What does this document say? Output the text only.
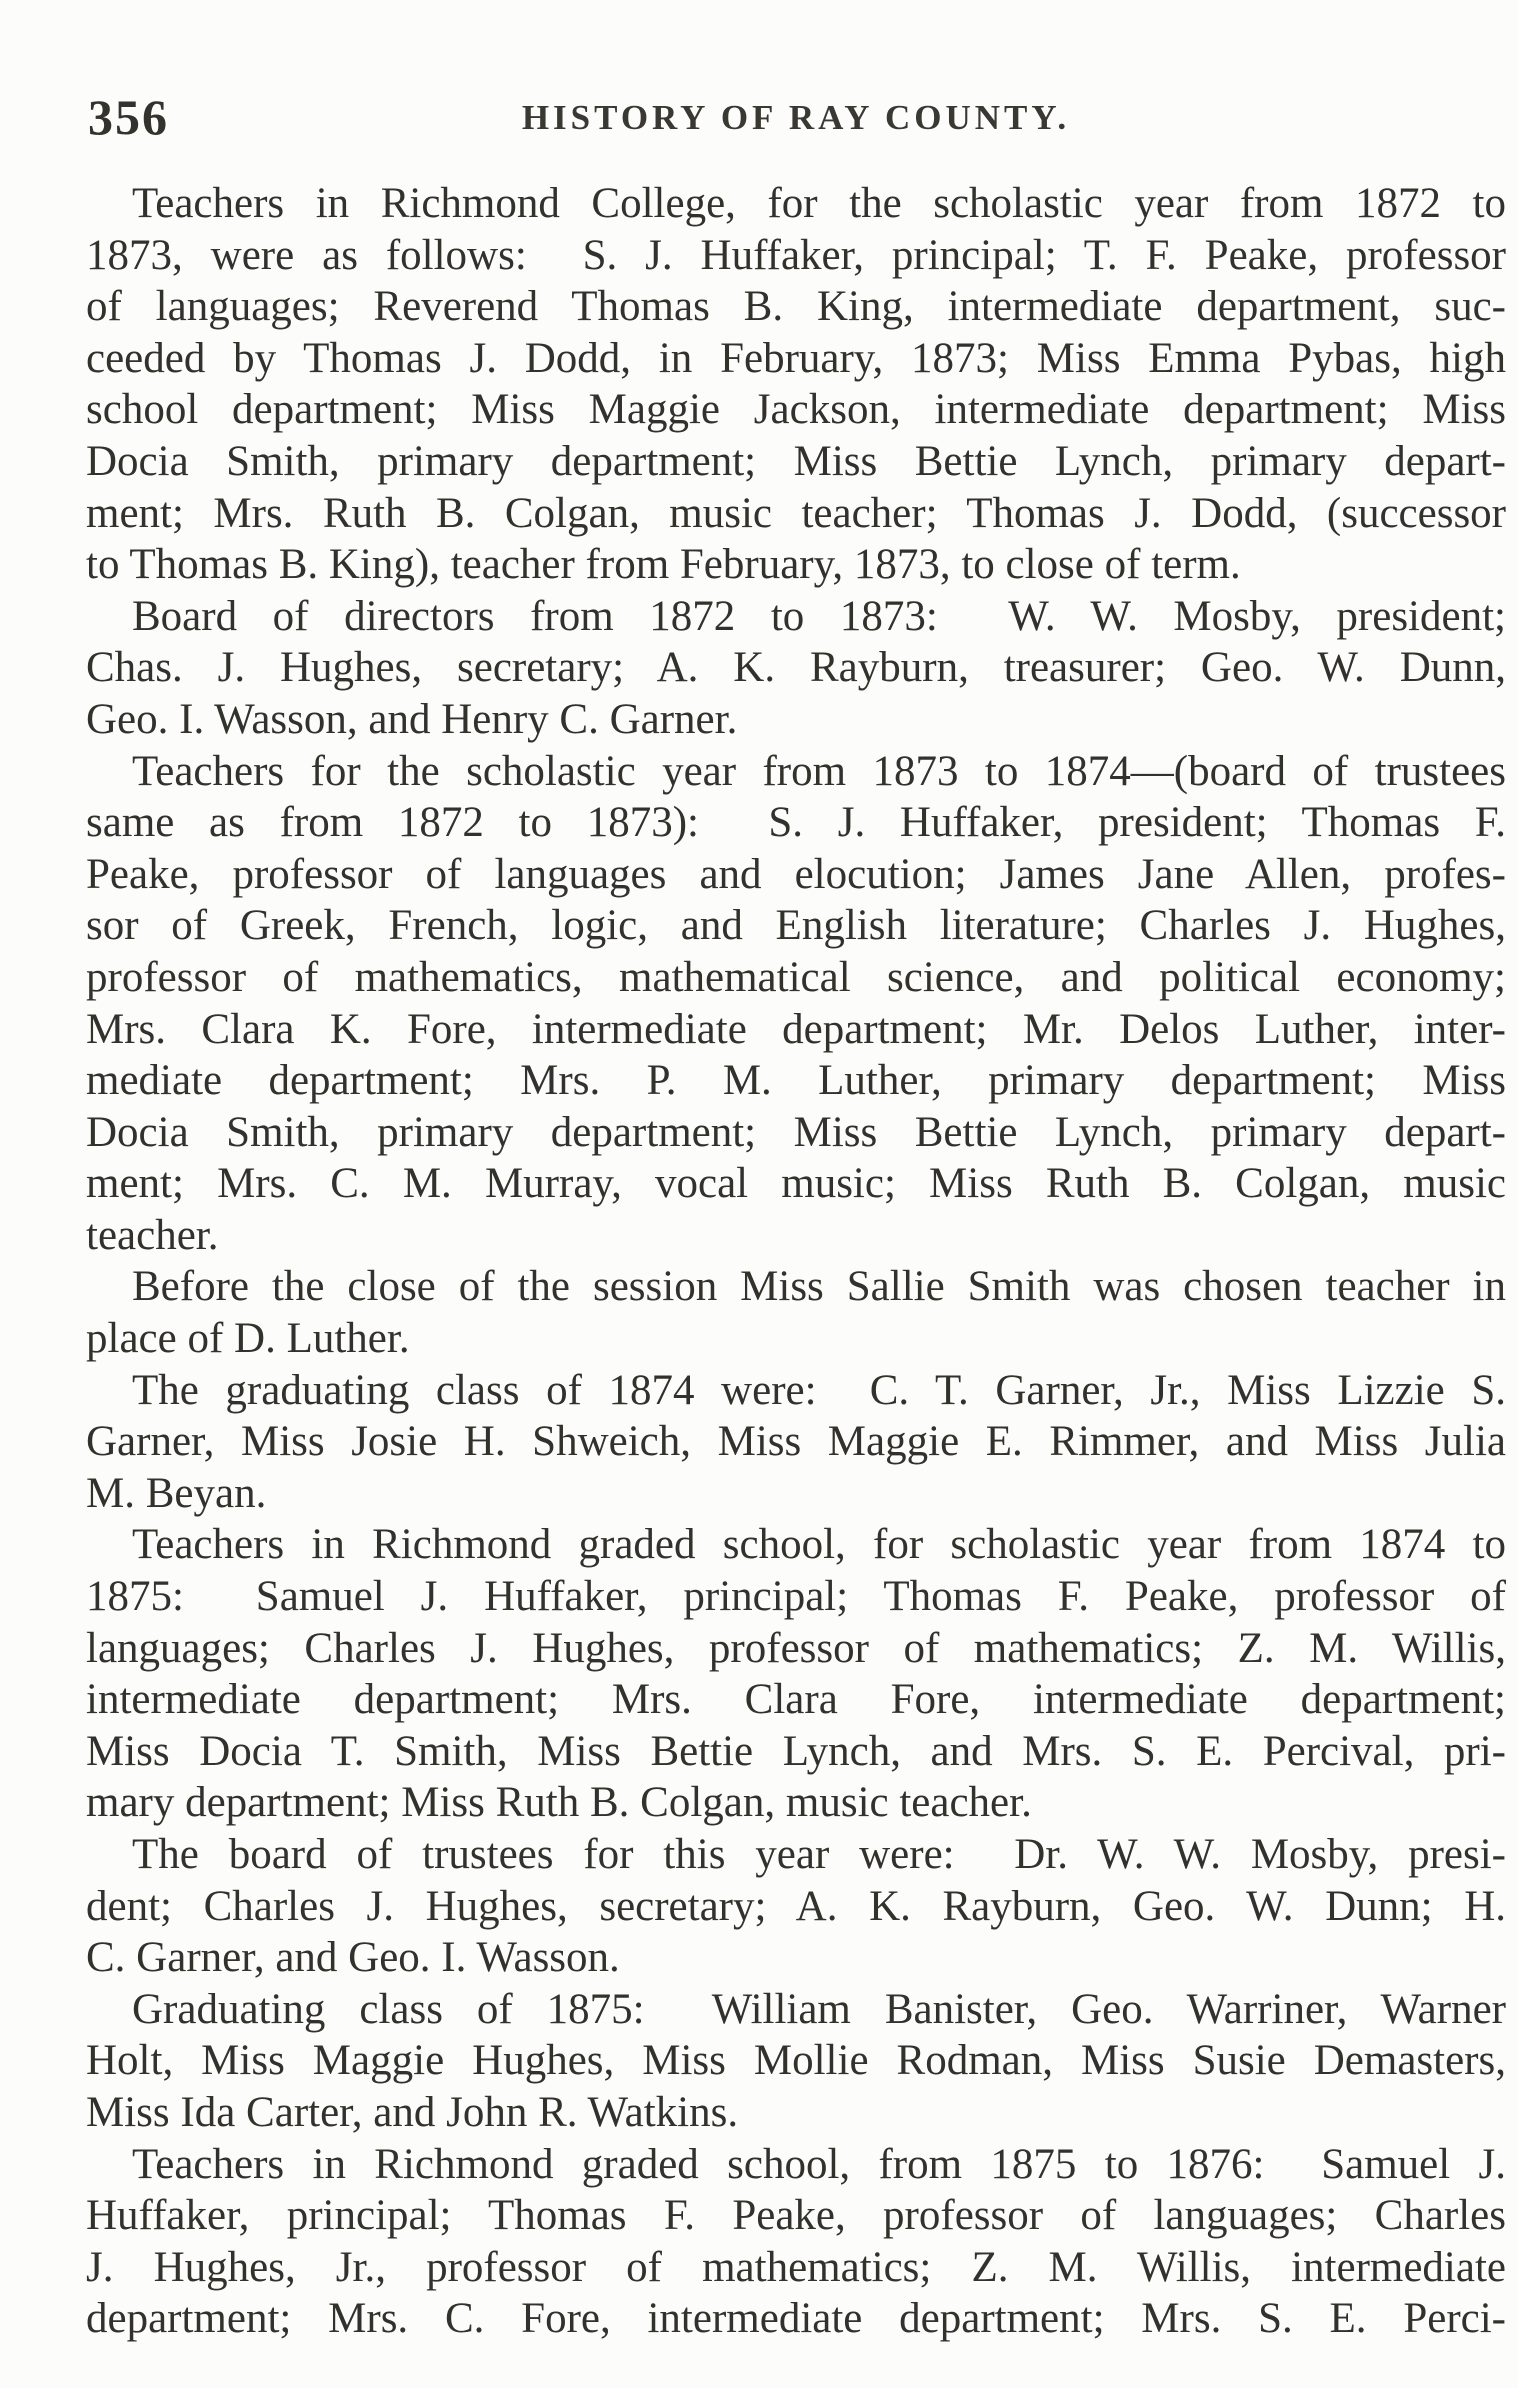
356	HISTORY OF RAY COUNTY.
Teachers in Richmond College, for the scholastic year from 1872 to
1873, were as follows:  S. J. Huffaker, principal; T. F. Peake, professor
of languages; Reverend Thomas B. King, intermediate department, suc-
ceeded by Thomas J. Dodd, in February, 1873; Miss Emma Pybas, high
school department; Miss Maggie Jackson, intermediate department; Miss
Docia Smith, primary department; Miss Bettie Lynch, primary depart-
ment; Mrs. Ruth B. Colgan, music teacher; Thomas J. Dodd, (successor
to Thomas B. King), teacher from February, 1873, to close of term.
Board of directors from 1872 to 1873:  W. W. Mosby, president;
Chas. J. Hughes, secretary; A. K. Rayburn, treasurer; Geo. W. Dunn,
Geo. I. Wasson, and Henry C. Garner.
Teachers for the scholastic year from 1873 to 1874—(board of trustees
same as from 1872 to 1873):  S. J. Huffaker, president; Thomas F.
Peake, professor of languages and elocution; James Jane Allen, profes-
sor of Greek, French, logic, and English literature; Charles J. Hughes,
professor of mathematics, mathematical science, and political economy;
Mrs. Clara K. Fore, intermediate department; Mr. Delos Luther, inter-
mediate department; Mrs. P. M. Luther, primary department; Miss
Docia Smith, primary department; Miss Bettie Lynch, primary depart-
ment; Mrs. C. M. Murray, vocal music; Miss Ruth B. Colgan, music
teacher.
Before the close of the session Miss Sallie Smith was chosen teacher in
place of D. Luther.
The graduating class of 1874 were:  C. T. Garner, Jr., Miss Lizzie S.
Garner, Miss Josie H. Shweich, Miss Maggie E. Rimmer, and Miss Julia
M. Beyan.
Teachers in Richmond graded school, for scholastic year from 1874 to
1875:  Samuel J. Huffaker, principal; Thomas F. Peake, professor of
languages; Charles J. Hughes, professor of mathematics; Z. M. Willis,
intermediate department; Mrs. Clara Fore, intermediate department;
Miss Docia T. Smith, Miss Bettie Lynch, and Mrs. S. E. Percival, pri-
mary department; Miss Ruth B. Colgan, music teacher.
The board of trustees for this year were:  Dr. W. W. Mosby, presi-
dent; Charles J. Hughes, secretary; A. K. Rayburn, Geo. W. Dunn; H.
C. Garner, and Geo. I. Wasson.
Graduating class of 1875:  William Banister, Geo. Warriner, Warner
Holt, Miss Maggie Hughes, Miss Mollie Rodman, Miss Susie Demasters,
Miss Ida Carter, and John R. Watkins.
Teachers in Richmond graded school, from 1875 to 1876:  Samuel J.
Huffaker, principal; Thomas F. Peake, professor of languages; Charles
J. Hughes, Jr., professor of mathematics; Z. M. Willis, intermediate
department; Mrs. C. Fore, intermediate department; Mrs. S. E. Perci-
